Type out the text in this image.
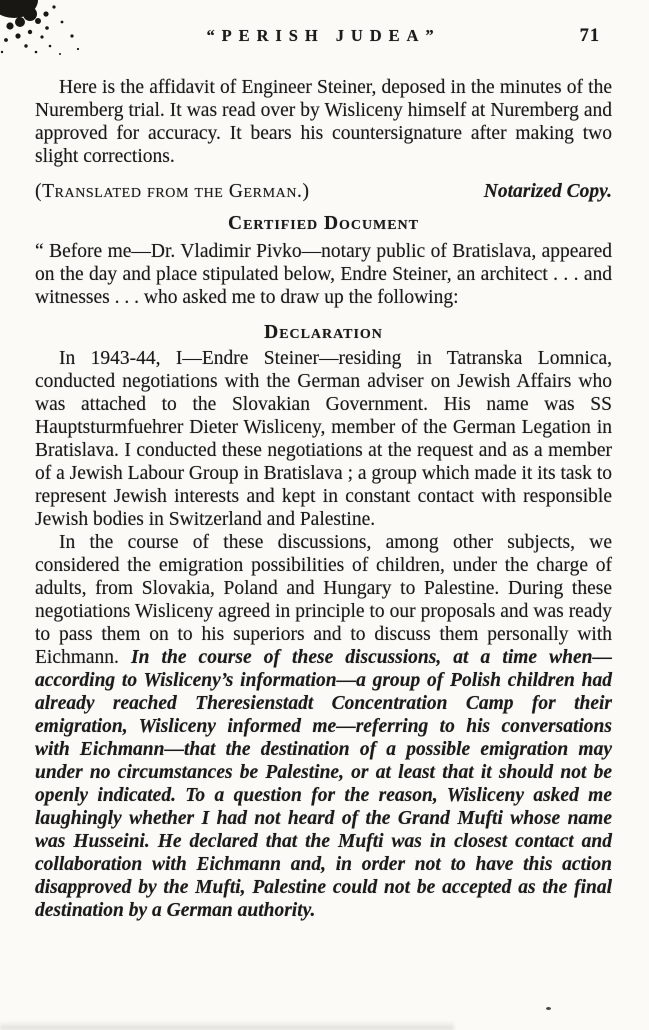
“PERISH JUDEA”	71

Here is the affidavit of Engineer Steiner, deposed in the minutes of the Nuremberg trial. It was read over by Wisliceny himself at Nuremberg and approved for accuracy. It bears his countersignature after making two slight corrections.

(Translated from the German.)	Notarized Copy.
Certified Document

“ Before me—Dr. Vladimir Pivko—notary public of Bratislava, appeared on the day and place stipulated below, Endre Steiner, an architect . . . and witnesses . . . who asked me to draw up the following:

Declaration

In 1943-44, I—Endre Steiner—residing in Tatranska Lomnica, conducted negotiations with the German adviser on Jewish Affairs who was attached to the Slovakian Government. His name was SS Hauptsturmfuehrer Dieter Wisliceny, member of the German Legation in Bratislava. I conducted these negotiations at the request and as a member of a Jewish Labour Group in Bratislava ; a group which made it its task to represent Jewish interests and kept in constant contact with responsible Jewish bodies in Switzerland and Palestine.

In the course of these discussions, among other subjects, we considered the emigration possibilities of children, under the charge of adults, from Slovakia, Poland and Hungary to Palestine. During these negotiations Wisliceny agreed in principle to our proposals and was ready to pass them on to his superiors and to discuss them personally with Eichmann. In the course of these discussions, at a time when—according to Wisliceny’s information—a group of Polish children had already reached Theresienstadt Concentration Camp for their emigration, Wisliceny informed me—referring to his conversations with Eichmann—that the destination of a possible emigration may under no circumstances be Palestine, or at least that it should not be openly indicated. To a question for the reason, Wisliceny asked me laughingly whether I had not heard of the Grand Mufti whose name was Husseini. He declared that the Mufti was in closest contact and collaboration with Eichmann and, in order not to have this action disapproved by the Mufti, Palestine could not be accepted as the final destination by a German authority.
